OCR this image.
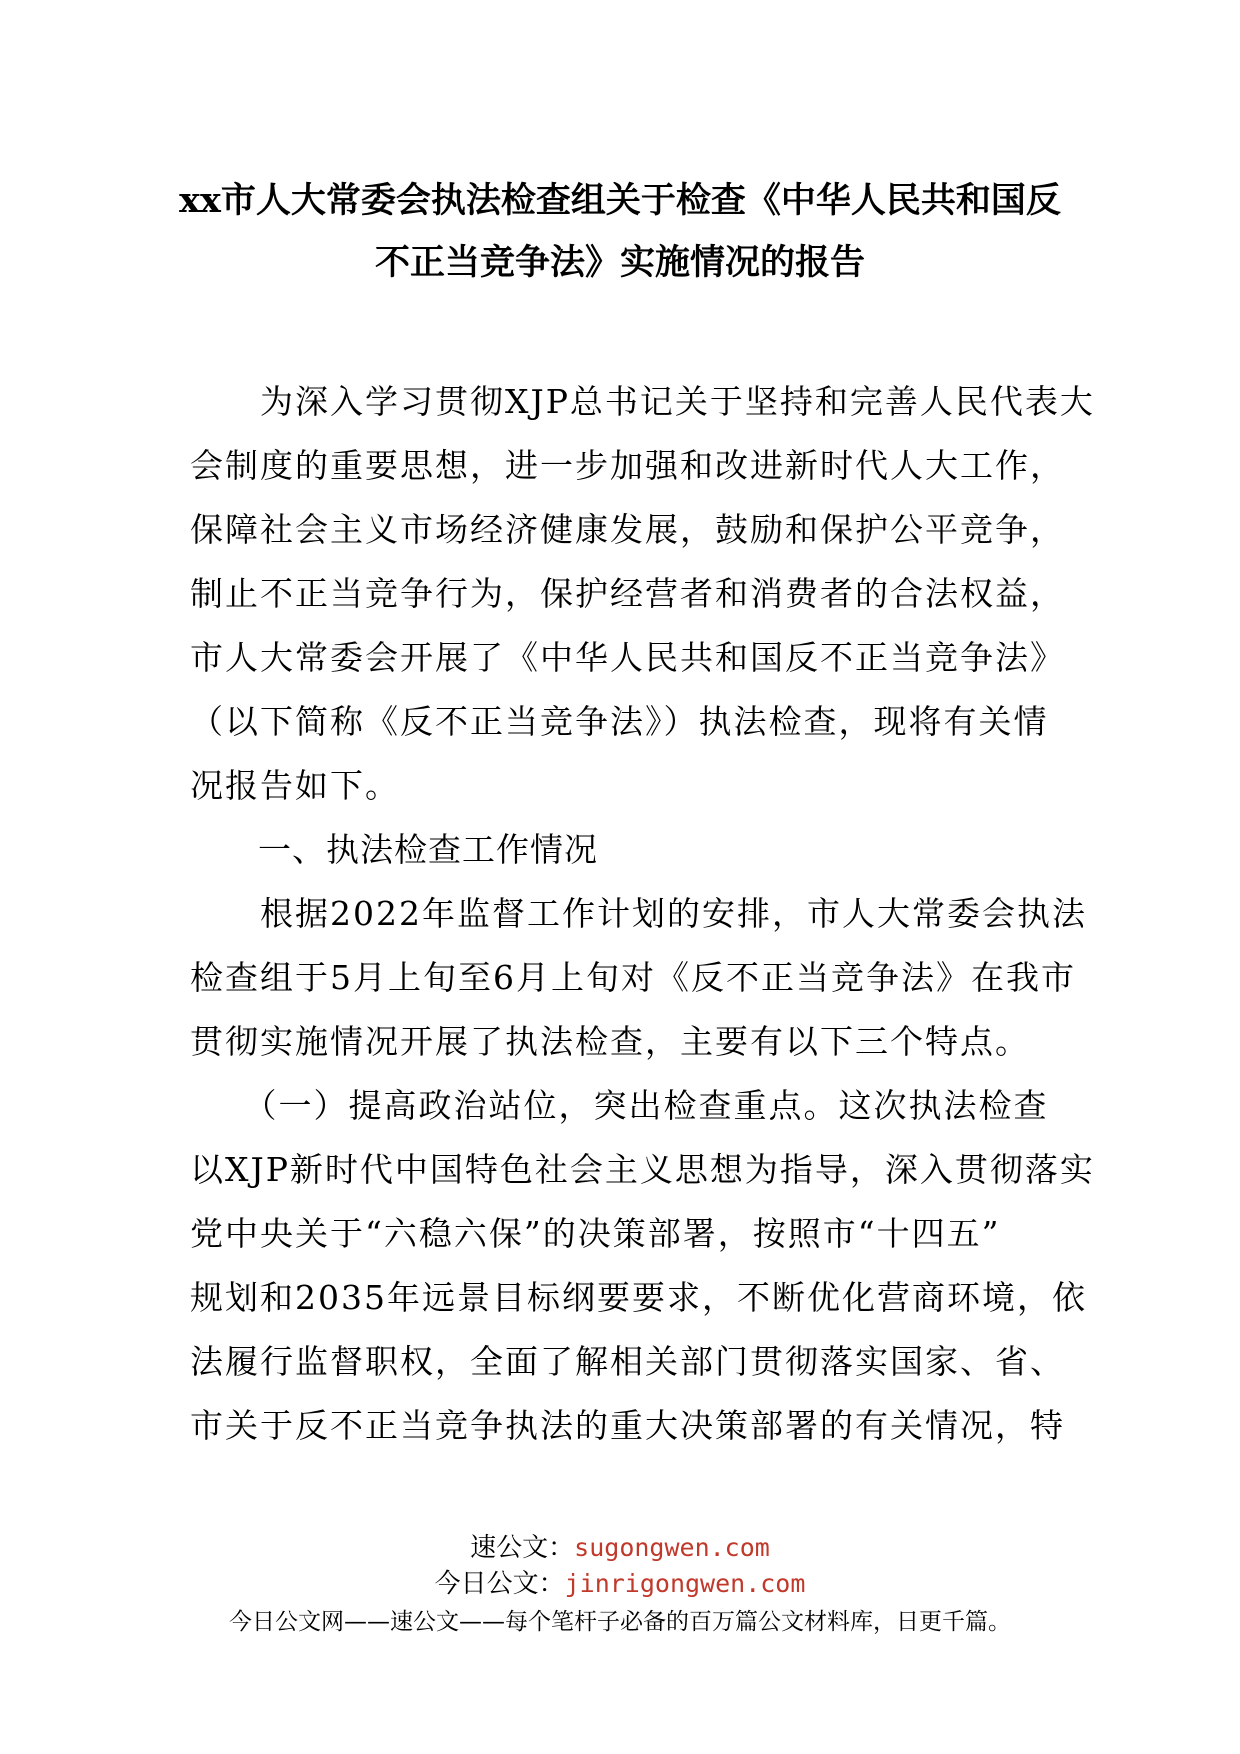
xx市人大常委会执法检查组关于检查《中华人民共和国反
不正当竞争法》实施情况的报告
　　为深入学习贯彻XJP总书记关于坚持和完善人民代表大
会制度的重要思想，进一步加强和改进新时代人大工作，
保障社会主义市场经济健康发展，鼓励和保护公平竞争，
制止不正当竞争行为，保护经营者和消费者的合法权益，
市人大常委会开展了《中华人民共和国反不正当竞争法》
（以下简称《反不正当竞争法》）执法检查，现将有关情
况报告如下。
　　一、执法检查工作情况
　　根据2022年监督工作计划的安排，市人大常委会执法
检查组于5月上旬至6月上旬对《反不正当竞争法》在我市
贯彻实施情况开展了执法检查，主要有以下三个特点。
　　（一）提高政治站位，突出检查重点。这次执法检查
以XJP新时代中国特色社会主义思想为指导，深入贯彻落实
党中央关于“六稳六保”的决策部署，按照市“十四五”
规划和2035年远景目标纲要要求，不断优化营商环境，依
法履行监督职权，全面了解相关部门贯彻落实国家、省、
市关于反不正当竞争执法的重大决策部署的有关情况，特
速公文：sugongwen.com
今日公文：jinrigongwen.com
今日公文网——速公文——每个笔杆子必备的百万篇公文材料库，日更千篇。
